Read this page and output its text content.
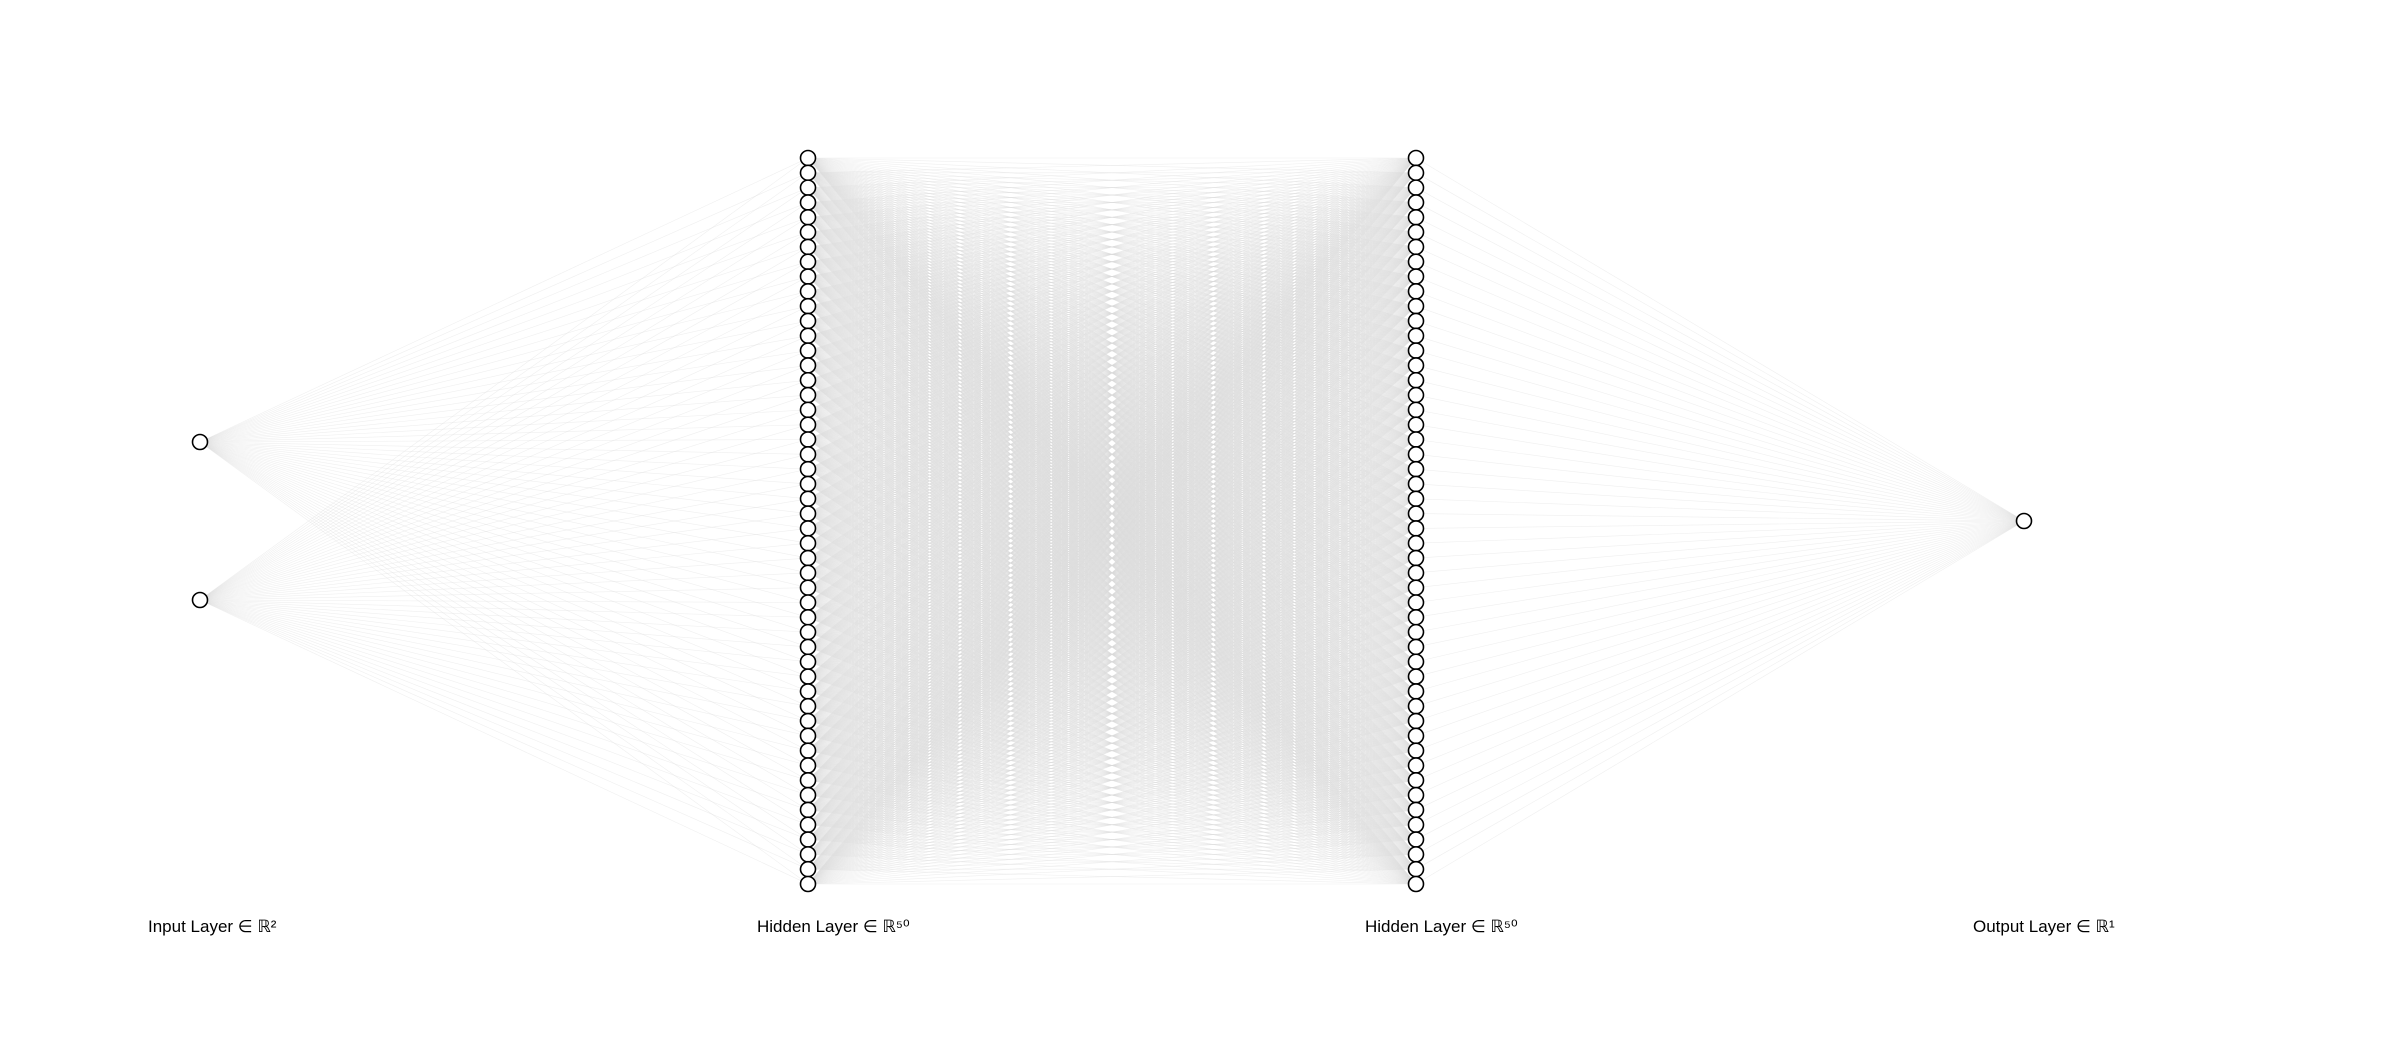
Input Layer ∈ ℝ²	Hidden Layer ∈ ℝ⁵⁰	Hidden Layer ∈ ℝ⁵⁰	Output Layer ∈ ℝ¹
